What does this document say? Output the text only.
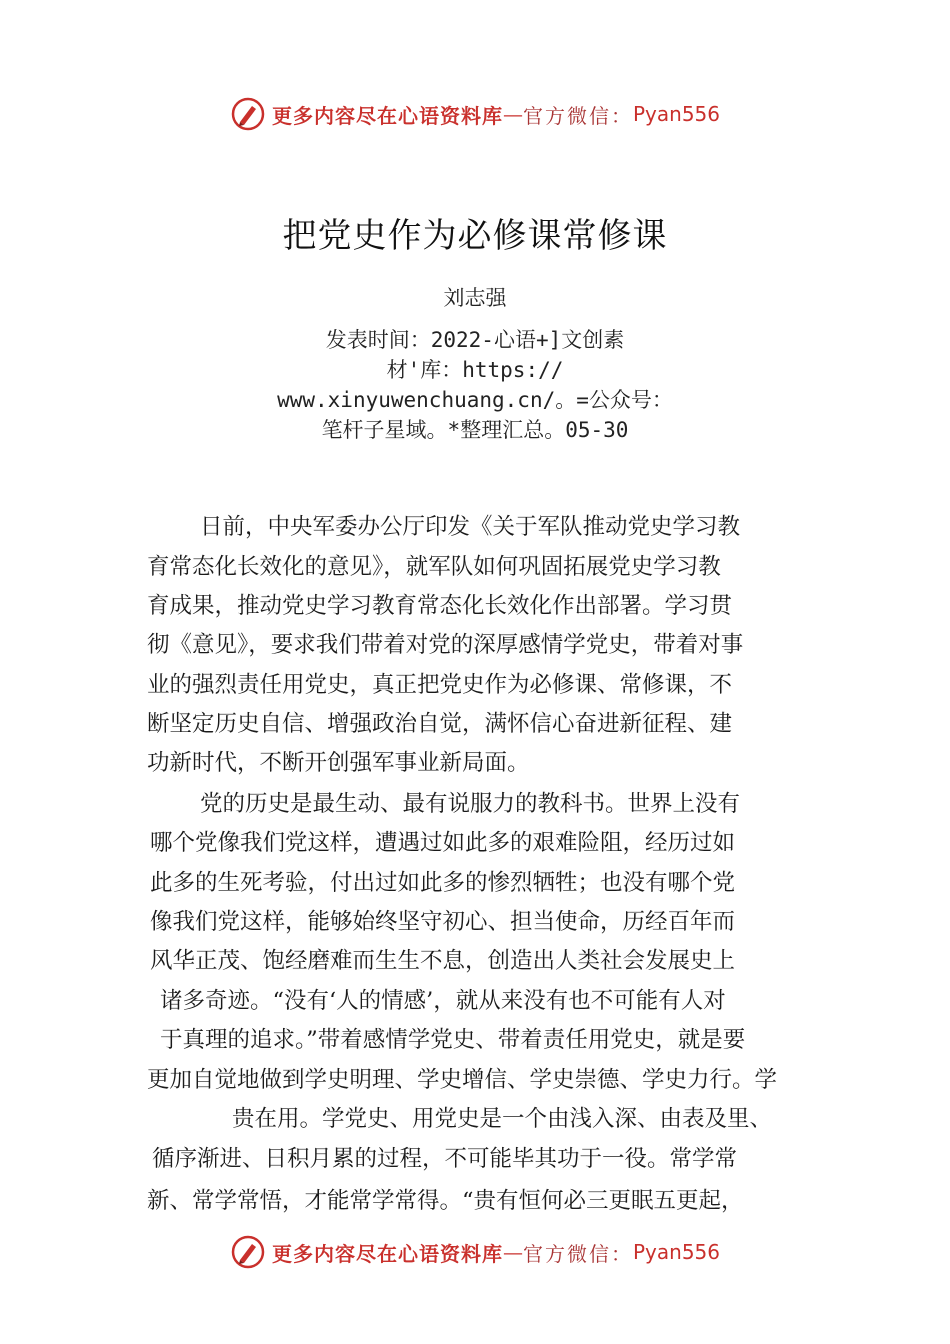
更多内容尽在心语资料库 — 官方微信： Pyan556
把党史作为必修课常修课
刘志强
发表时间：2022-心语+]文创素
材'库：https://
www.xinyuwenchuang.cn/。=公众号：
笔杆子星域。*整理汇总。05-30
日前，中央军委办公厅印发《关于军队推动党史学习教
育常态化长效化的意见》，就军队如何巩固拓展党史学习教
育成果，推动党史学习教育常态化长效化作出部署。学习贯
彻《意见》，要求我们带着对党的深厚感情学党史，带着对事
业的强烈责任用党史，真正把党史作为必修课、常修课，不
断坚定历史自信、增强政治自觉，满怀信心奋进新征程、建
功新时代，不断开创强军事业新局面。
党的历史是最生动、最有说服力的教科书。世界上没有
哪个党像我们党这样，遭遇过如此多的艰难险阻，经历过如
此多的生死考验，付出过如此多的惨烈牺牲；也没有哪个党
像我们党这样，能够始终坚守初心、担当使命，历经百年而
风华正茂、饱经磨难而生生不息，创造出人类社会发展史上
诸多奇迹。“没有‘人的情感’，就从来没有也不可能有人对
于真理的追求。”带着感情学党史、带着责任用党史，就是要
更加自觉地做到学史明理、学史增信、学史崇德、学史力行。学
贵在用。学党史、用党史是一个由浅入深、由表及里、
循序渐进、日积月累的过程，不可能毕其功于一役。常学常
新、常学常悟，才能常学常得。“贵有恒何必三更眠五更起，
更多内容尽在心语资料库 — 官方微信： Pyan556
